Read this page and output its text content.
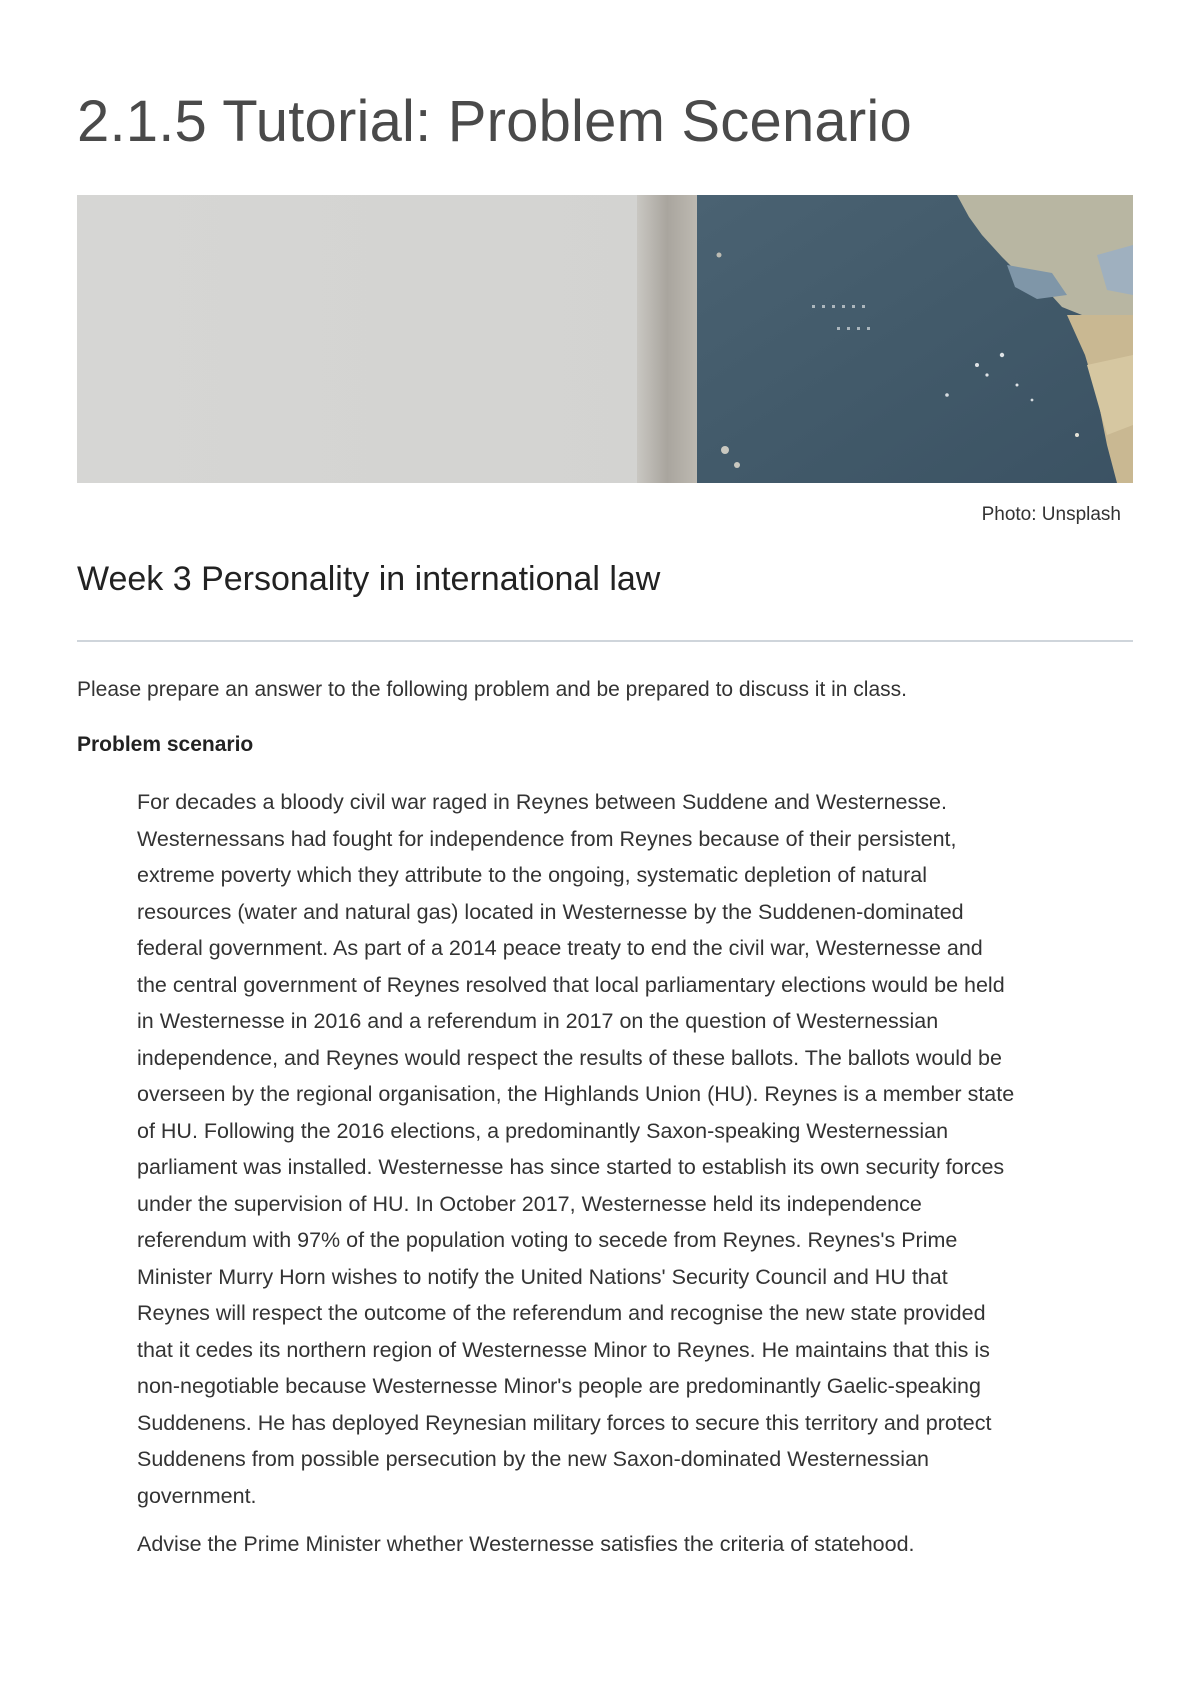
2.1.5 Tutorial: Problem Scenario
Photo: Unsplash
Week 3 Personality in international law

Please prepare an answer to the following problem and be prepared to discuss it in class.

Problem scenario

For decades a bloody civil war raged in Reynes between Suddene and Westernesse.
Westernessans had fought for independence from Reynes because of their persistent,
extreme poverty which they attribute to the ongoing, systematic depletion of natural
resources (water and natural gas) located in Westernesse by the Suddenen-dominated
federal government. As part of a 2014 peace treaty to end the civil war, Westernesse and
the central government of Reynes resolved that local parliamentary elections would be held
in Westernesse in 2016 and a referendum in 2017 on the question of Westernessian
independence, and Reynes would respect the results of these ballots. The ballots would be
overseen by the regional organisation, the Highlands Union (HU). Reynes is a member state
of HU. Following the 2016 elections, a predominantly Saxon-speaking Westernessian
parliament was installed. Westernesse has since started to establish its own security forces
under the supervision of HU. In October 2017, Westernesse held its independence
referendum with 97% of the population voting to secede from Reynes. Reynes's Prime
Minister Murry Horn wishes to notify the United Nations' Security Council and HU that
Reynes will respect the outcome of the referendum and recognise the new state provided
that it cedes its northern region of Westernesse Minor to Reynes. He maintains that this is
non-negotiable because Westernesse Minor's people are predominantly Gaelic-speaking
Suddenens. He has deployed Reynesian military forces to secure this territory and protect
Suddenens from possible persecution by the new Saxon-dominated Westernessian
government.

Advise the Prime Minister whether Westernesse satisfies the criteria of statehood.
